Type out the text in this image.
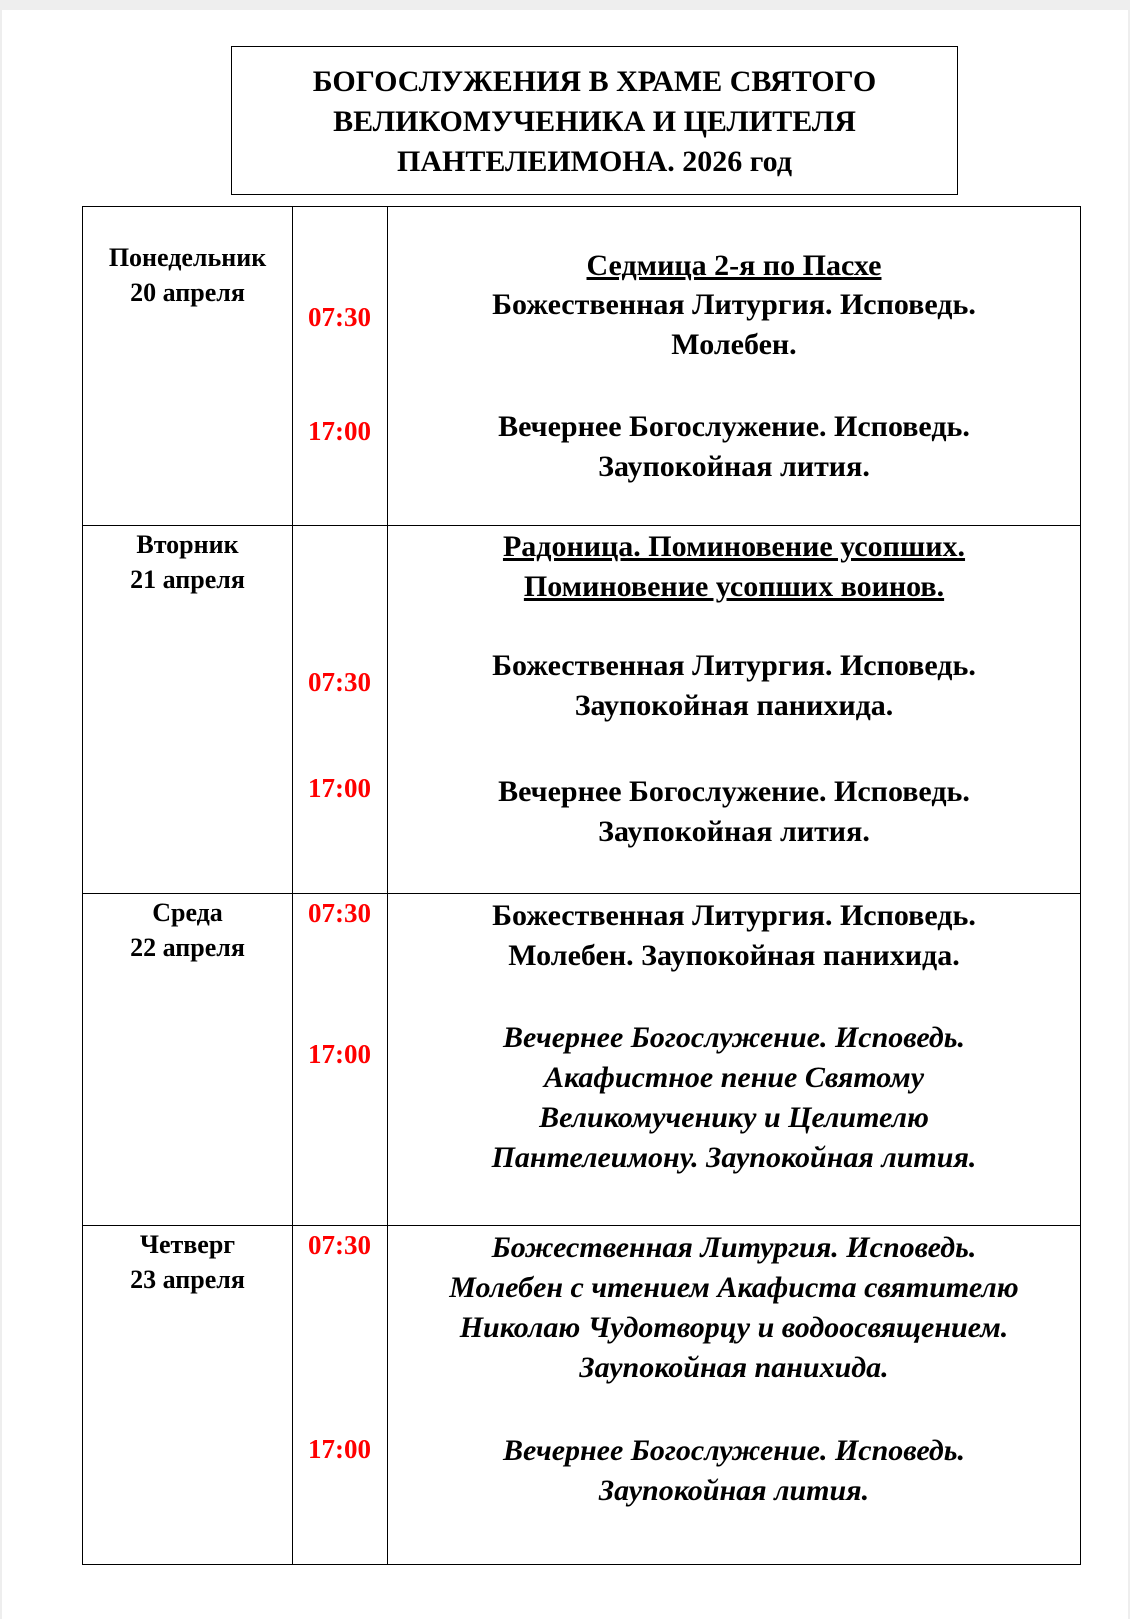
БОГОСЛУЖЕНИЯ В ХРАМЕ СВЯТОГО
ВЕЛИКОМУЧЕНИКА И ЦЕЛИТЕЛЯ
ПАНТЕЛЕИМОНА. 2026 год
Понедельник
20 апреля
07:30
17:00
Седмица 2-я по Пасхе
Божественная Литургия. Исповедь.
Молебен.
Вечернее Богослужение. Исповедь.
Заупокойная лития.
Вторник
21 апреля
07:30
17:00
Радоница. Поминовение усопших.
Поминовение усопших воинов.
Божественная Литургия. Исповедь.
Заупокойная панихида.
Вечернее Богослужение. Исповедь.
Заупокойная лития.
Среда
22 апреля
07:30
17:00
Божественная Литургия. Исповедь.
Молебен. Заупокойная панихида.
Вечернее Богослужение. Исповедь.
Акафистное пение Святому
Великомученику и Целителю
Пантелеимону. Заупокойная лития.
Четверг
23 апреля
07:30
17:00
Божественная Литургия. Исповедь.
Молебен с чтением Акафиста святителю
Николаю Чудотворцу и водоосвящением.
Заупокойная панихида.
Вечернее Богослужение. Исповедь.
Заупокойная лития.
